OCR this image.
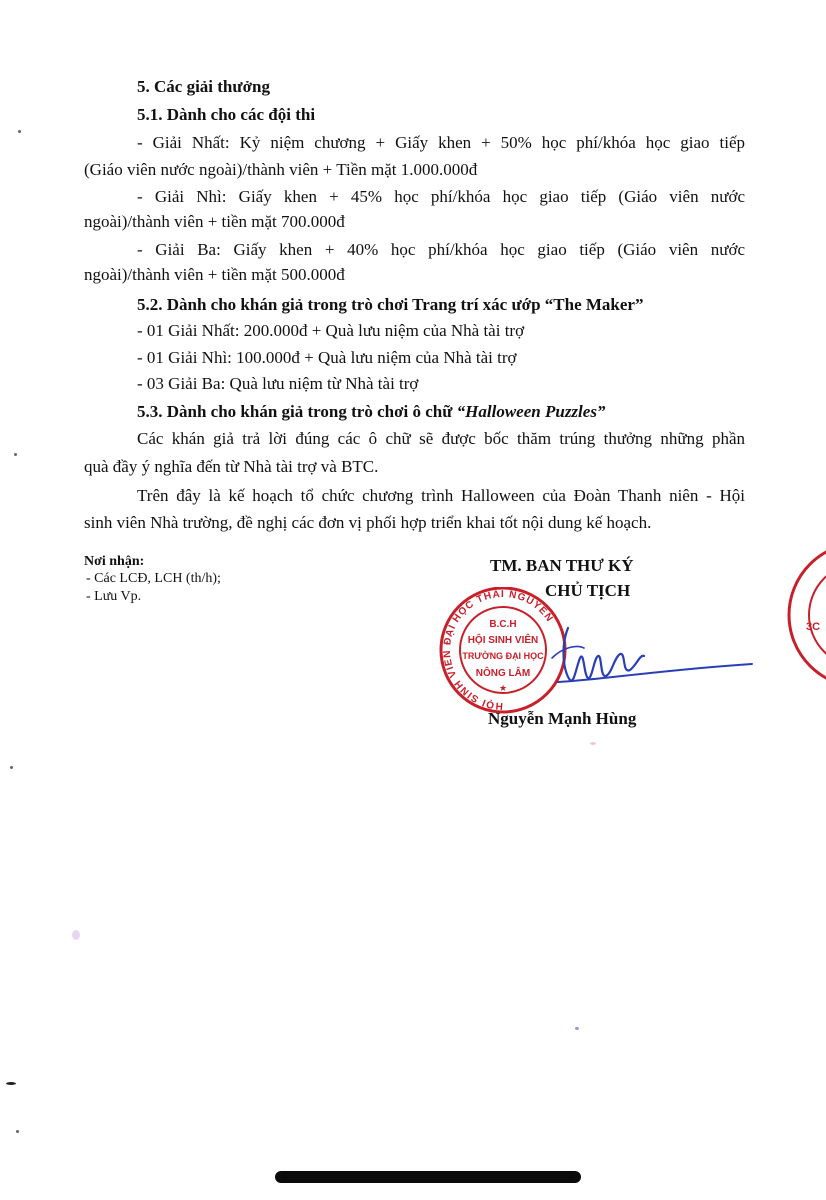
5. Các giải thưởng
5.1. Dành cho các đội thi
- Giải Nhất: Kỷ niệm chương + Giấy khen + 50% học phí/khóa học giao tiếp
(Giáo viên nước ngoài)/thành viên + Tiền mặt 1.000.000đ
- Giải Nhì: Giấy khen + 45% học phí/khóa học giao tiếp (Giáo viên nước
ngoài)/thành viên + tiền mặt 700.000đ
- Giải Ba: Giấy khen + 40% học phí/khóa học giao tiếp (Giáo viên nước
ngoài)/thành viên + tiền mặt 500.000đ
5.2. Dành cho khán giả trong trò chơi Trang trí xác ướp “The Maker”
- 01 Giải Nhất: 200.000đ + Quà lưu niệm của Nhà tài trợ
- 01 Giải Nhì: 100.000đ + Quà lưu niệm của Nhà tài trợ
- 03 Giải Ba: Quà lưu niệm từ Nhà tài trợ
5.3. Dành cho khán giả trong trò chơi ô chữ “Halloween Puzzles”
Các khán giả trả lời đúng các ô chữ sẽ được bốc thăm trúng thưởng những phần
quà đầy ý nghĩa đến từ Nhà tài trợ và BTC.
Trên đây là kế hoạch tổ chức chương trình Halloween của Đoàn Thanh niên - Hội
sinh viên Nhà trường, đề nghị các đơn vị phối hợp triển khai tốt nội dung kế hoạch.
Nơi nhận:
- Các LCĐ, LCH (th/h);
- Lưu Vp.
TM. BAN THƯ KÝ
CHỦ TỊCH
Nguyễn Mạnh Hùng
HỘI SINH VIÊN ĐẠI HỌC THÁI NGUYÊN
B.C.H
HỘI SINH VIÊN
TRƯỜNG ĐẠI HỌC
NÔNG LÂM
★
3C
